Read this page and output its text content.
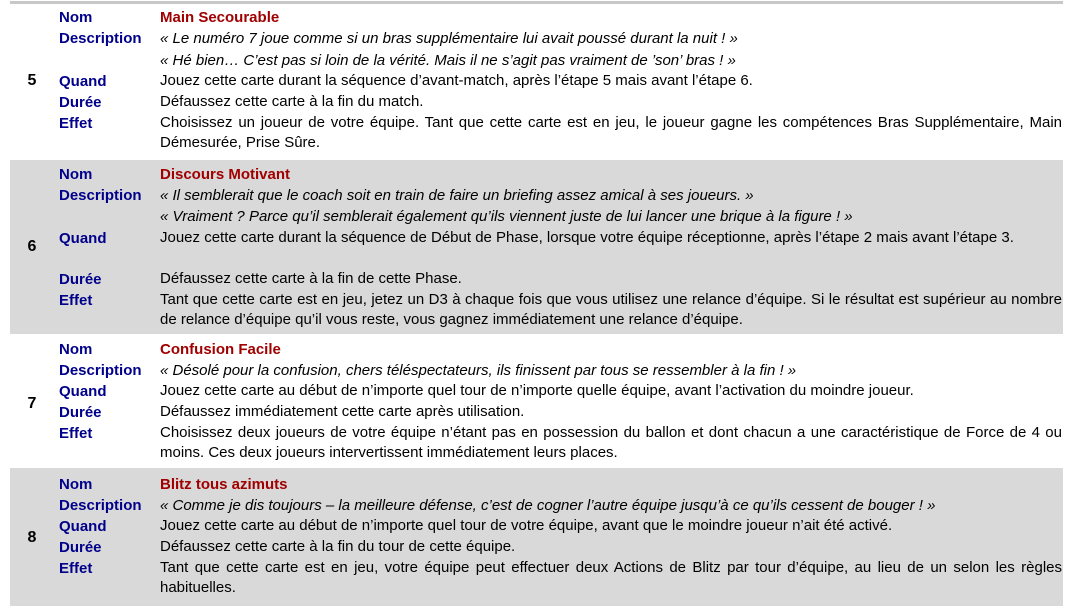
5
Nom	Main Secourable
Description « Le numéro 7 joue comme si un bras supplémentaire lui avait poussé durant la nuit ! »
« Hé bien… C’est pas si loin de la vérité. Mais il ne s’agit pas vraiment de ’son’ bras ! »
Quand	Jouez cette carte durant la séquence d’avant-match, après l’étape 5 mais avant l’étape 6.
Durée	Défaussez cette carte à la fin du match.
Effet	Choisissez un joueur de votre équipe. Tant que cette carte est en jeu, le joueur gagne les compétences Bras Supplémentaire, Main Démesurée, Prise Sûre.
6
Nom	Discours Motivant
Description « Il semblerait que le coach soit en train de faire un briefing assez amical à ses joueurs. »
« Vraiment ? Parce qu’il semblerait également qu’ils viennent juste de lui lancer une brique à la figure ! »
Quand	Jouez cette carte durant la séquence de Début de Phase, lorsque votre équipe réceptionne, après l’étape 2 mais avant l’étape 3.
Durée	Défaussez cette carte à la fin de cette Phase.
Effet	Tant que cette carte est en jeu, jetez un D3 à chaque fois que vous utilisez une relance d’équipe. Si le résultat est supérieur au nombre de relance d’équipe qu’il vous reste, vous gagnez immédiatement une relance d’équipe.
7
Nom	Confusion Facile
Description « Désolé pour la confusion, chers téléspectateurs, ils finissent par tous se ressembler à la fin ! »
Quand	Jouez cette carte au début de n’importe quel tour de n’importe quelle équipe, avant l’activation du moindre joueur.
Durée	Défaussez immédiatement cette carte après utilisation.
Effet	Choisissez deux joueurs de votre équipe n’étant pas en possession du ballon et dont chacun a une caractéristique de Force de 4 ou moins. Ces deux joueurs intervertissent immédiatement leurs places.
8
Nom	Blitz tous azimuts
Description « Comme je dis toujours – la meilleure défense, c’est de cogner l’autre équipe jusqu’à ce qu’ils cessent de bouger ! »
Quand	Jouez cette carte au début de n’importe quel tour de votre équipe, avant que le moindre joueur n’ait été activé.
Durée	Défaussez cette carte à la fin du tour de cette équipe.
Effet	Tant que cette carte est en jeu, votre équipe peut effectuer deux Actions de Blitz par tour d’équipe, au lieu de un selon les règles habituelles.
